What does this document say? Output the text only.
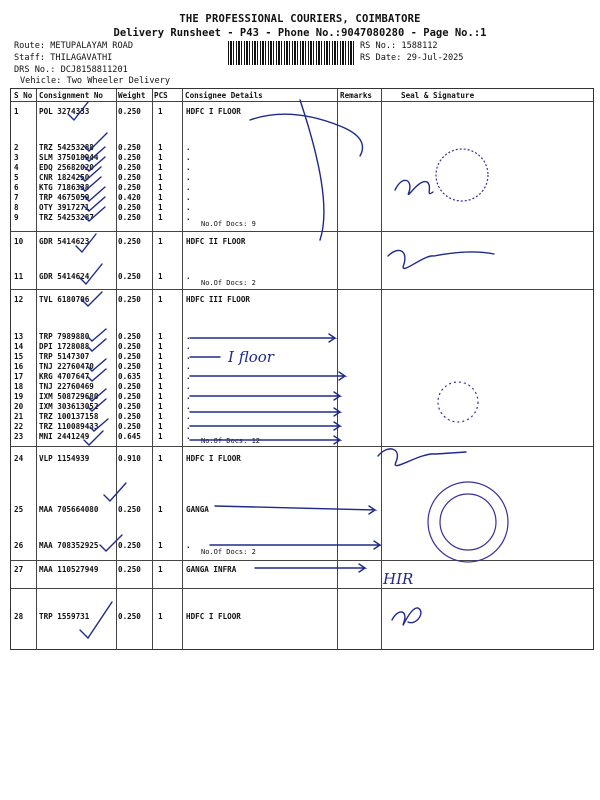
THE PROFESSIONAL COURIERS, COIMBATORE
Delivery Runsheet - P43 - Phone No.:9047080280 - Page No.:1
Route: METUPALAYAM ROAD
Staff: THILAGAVATHI
DRS No.: DCJ8158811201
Vehicle: Two Wheeler Delivery
RS No.: 1588112
RS Date: 29-Jul-2025
S No Consignment No Weight PCS Consignee Details	Remarks	Seal & Signature
1	POL 3274333	0.250 1	HDFC I FLOOR
2	TRZ 54253288	0.250 1	.
3	SLM 375018944	0.250 1	.
4	EDQ 25682020	0.250 1	.
5	CNR 1824250	0.250 1	.
6	KTG 7186338	0.250 1	.
7	TRP 4675059	0.420 1	.
8	OTY 3917271	0.250 1	.
9	TRZ 54253287	0.250 1	.
10 GDR 5414623	0.250 1	HDFC II FLOOR
11 GDR 5414624	0.250 1	.
12 TVL 6180706	0.250 1	HDFC III FLOOR
13 TRP 7989880	0.250 1	.
14 DPI 1728088	0.250 1	.
15 TRP 5147307	0.250 1	.
16 TNJ 22760470	0.250 1	.
17 KRG 4707647	0.635 1	.
18 TNJ 22760469	0.250 1	.
19 IXM 508729680	0.250 1	.
20 IXM 303613052	0.250 1	.
21 TRZ 100137158	0.250 1	.
22 TRZ 110089433	0.250 1	.
23 MNI 2441249	0.645 1	.
24 VLP 1154939	0.910 1	HDFC I FLOOR
25 MAA 705664080	0.250 1	GANGA
26 MAA 708352925	0.250 1	.
27 MAA 110527949	0.250 1	GANGA INFRA
28 TRP 1559731	0.250 1	HDFC I FLOOR
No.Of Docs: 9
No.Of Docs: 2
No.Of Docs: 12
No.Of Docs: 2
I floor
HIR
